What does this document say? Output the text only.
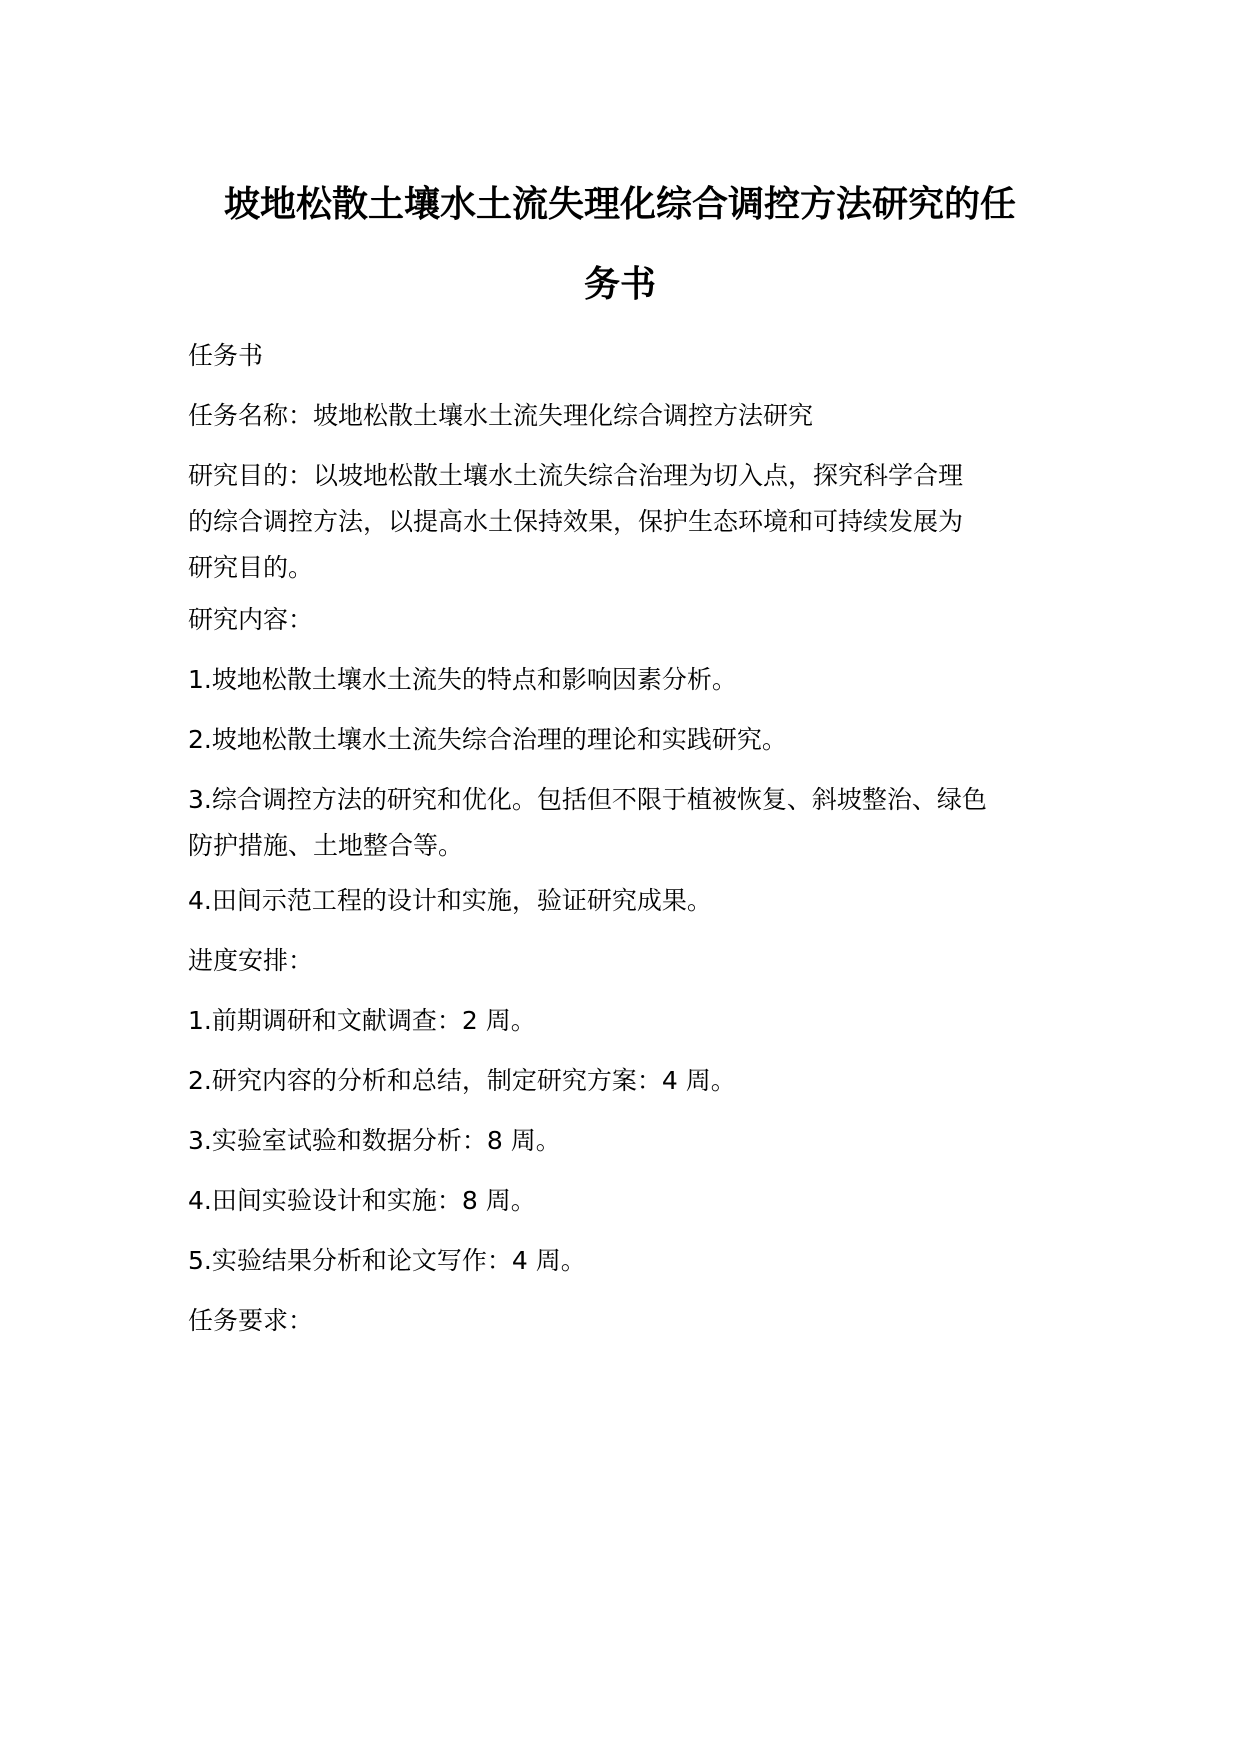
坡地松散土壤水土流失理化综合调控方法研究的任
务书

任务书

任务名称：坡地松散土壤水土流失理化综合调控方法研究

研究目的：以坡地松散土壤水土流失综合治理为切入点，探究科学合理
的综合调控方法，以提高水土保持效果，保护生态环境和可持续发展为
研究目的。

研究内容：

1.坡地松散土壤水土流失的特点和影响因素分析。

2.坡地松散土壤水土流失综合治理的理论和实践研究。

3.综合调控方法的研究和优化。包括但不限于植被恢复、斜坡整治、绿色
防护措施、土地整合等。

4.田间示范工程的设计和实施，验证研究成果。

进度安排：

1.前期调研和文献调查：2 周。

2.研究内容的分析和总结，制定研究方案：4 周。

3.实验室试验和数据分析：8 周。

4.田间实验设计和实施：8 周。

5.实验结果分析和论文写作：4 周。

任务要求：
